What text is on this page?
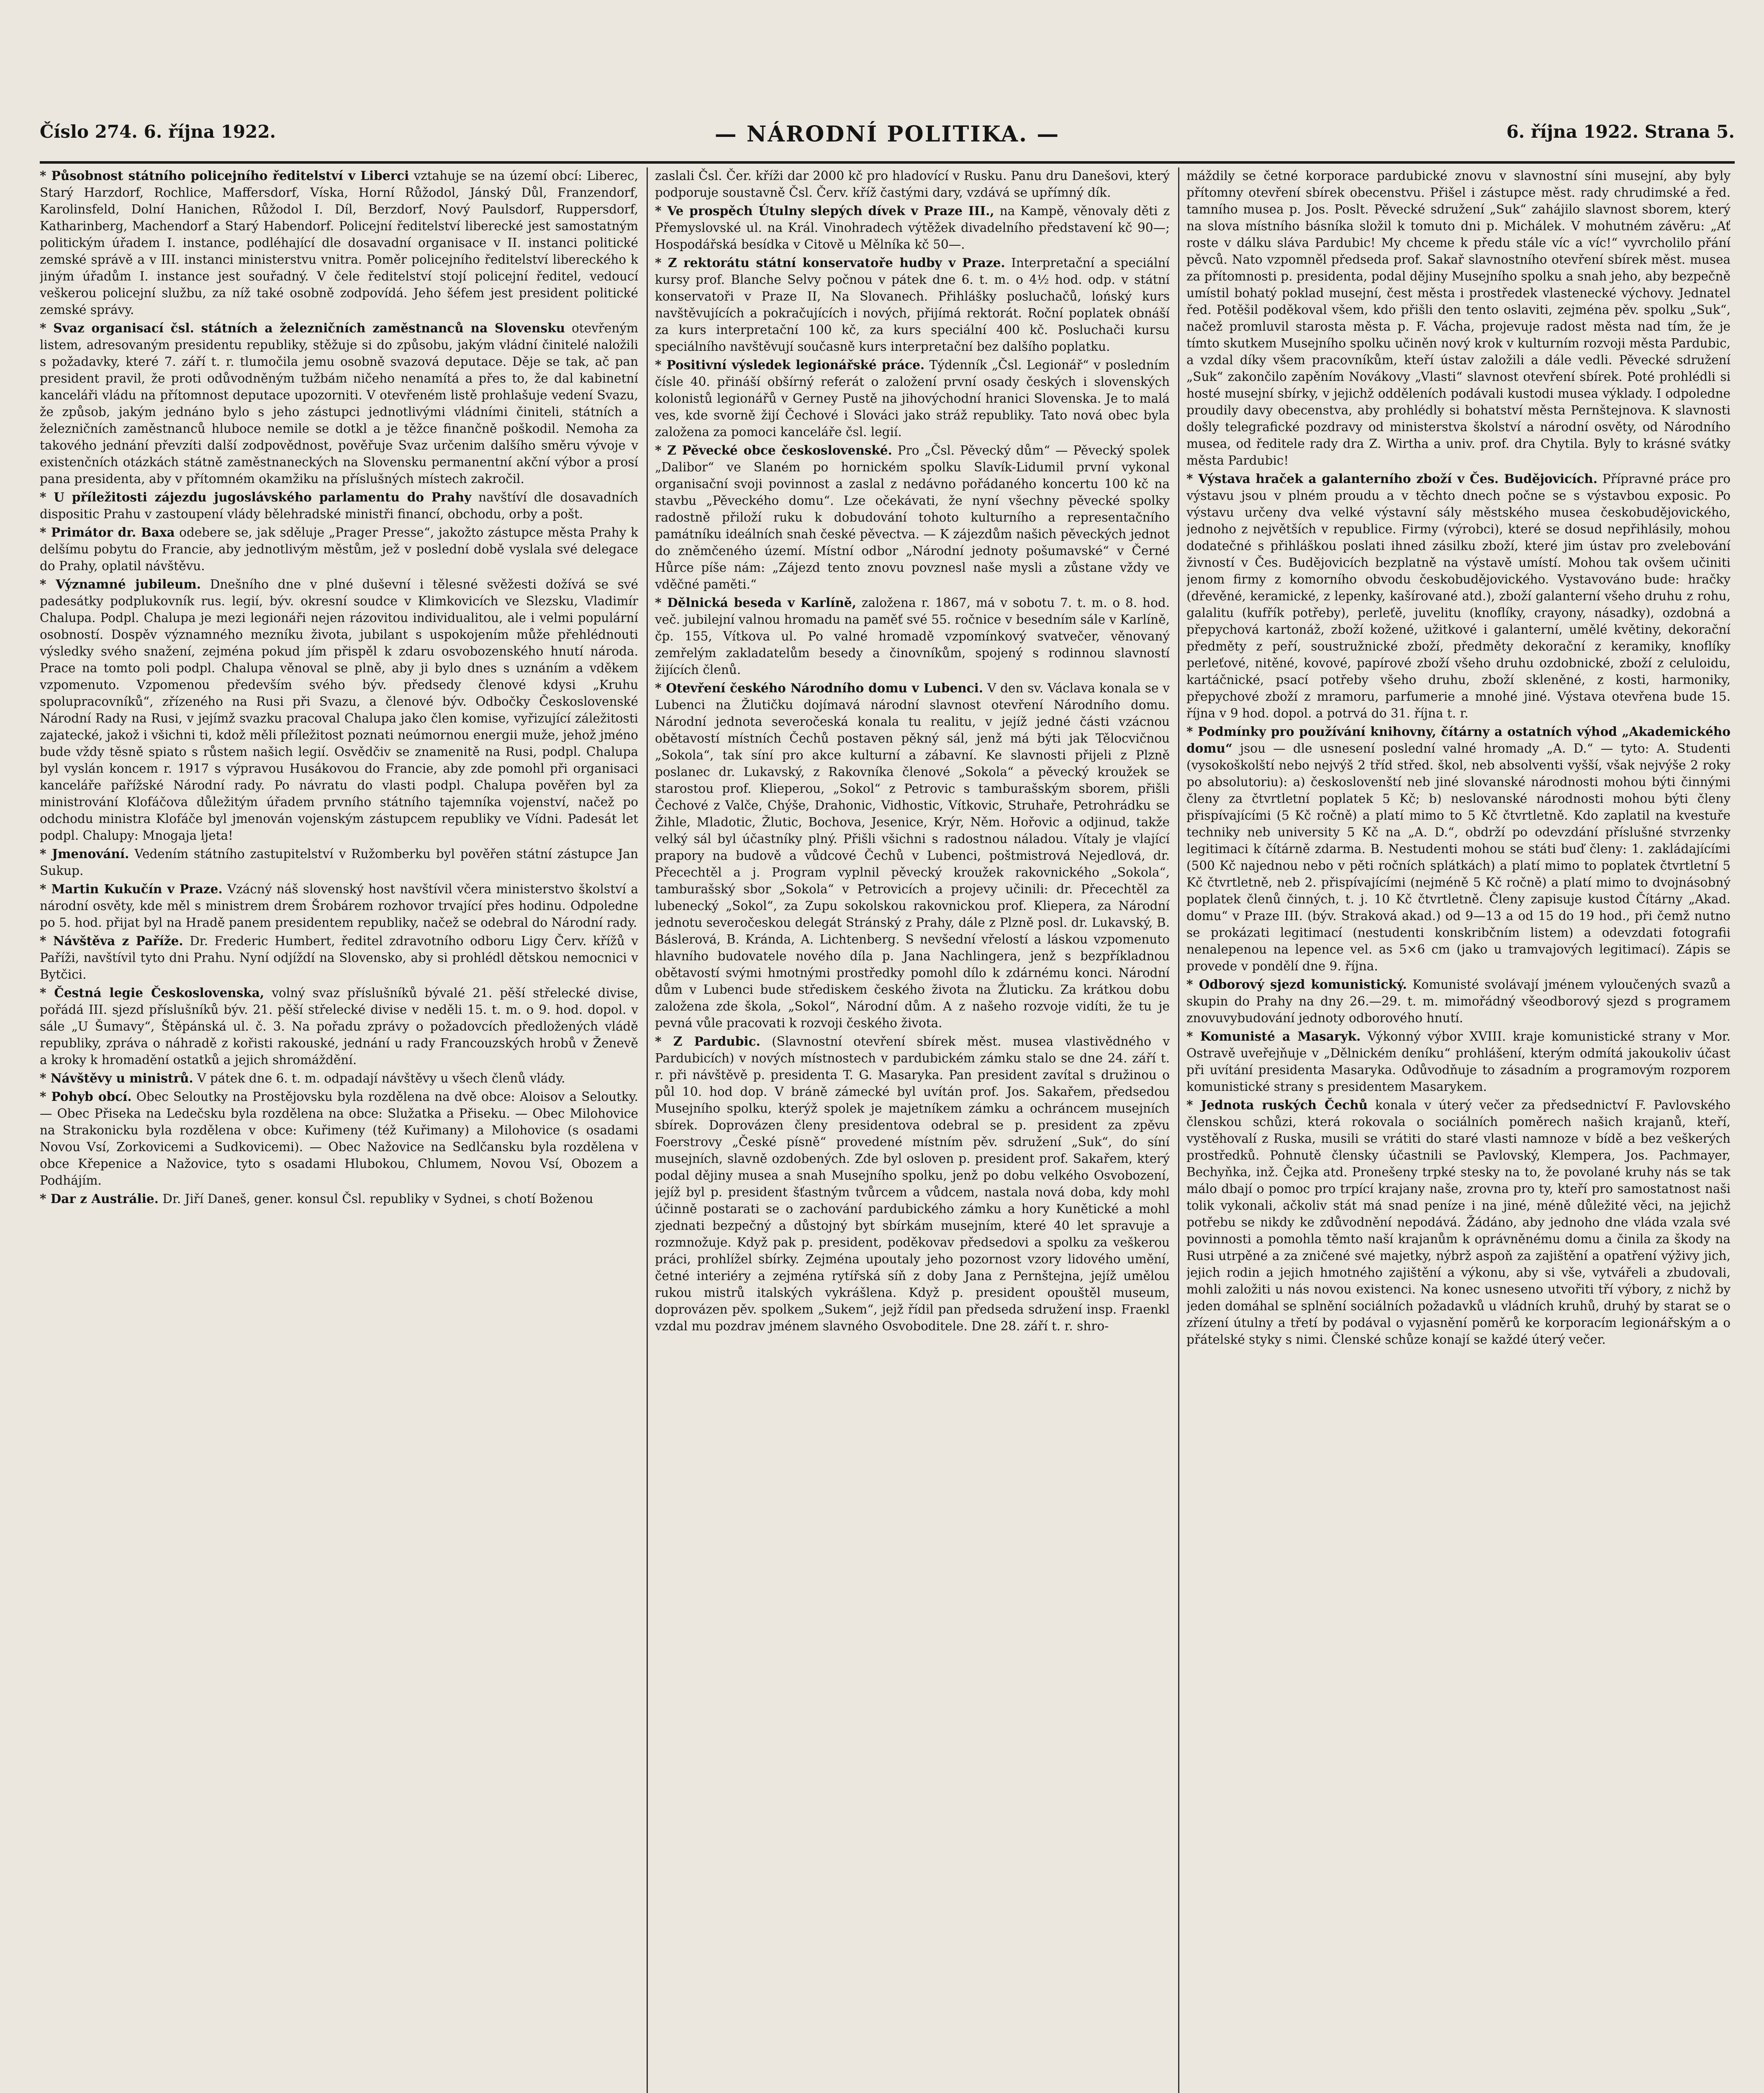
Číslo 274. 6. října 1922.	— NÁRODNÍ POLITIKA. —	6. října 1922. Strana 5.

* Působnost státního policejního ředitelství v Liberci vztahuje se na území obcí: Liberec, Starý Harzdorf, Rochlice, Maffersdorf, Víska, Horní Růžodol, Jánský Důl, Franzendorf, Karolinsfeld, Dolní Hanichen, Růžodol I. Díl, Berzdorf, Nový Paulsdorf, Ruppersdorf, Katharinberg, Machendorf a Starý Habendorf. Policejní ředitelství liberecké jest samostatným politickým úřadem I. instance, podléhající dle dosavadní organisace v II. instanci politické zemské správě a v III. instanci ministerstvu vnitra. Poměr policejního ředitelství libereckého k jiným úřadům I. instance jest souřadný. V čele ředitelství stojí policejní ředitel, vedoucí veškerou policejní službu, za níž také osobně zodpovídá. Jeho šéfem jest president politické zemské správy.

* Svaz organisací čsl. státních a železničních zaměstnanců na Slovensku otevřeným listem, adresovaným presidentu republiky, stěžuje si do způsobu, jakým vládní činitelé naložili s požadavky, které 7. září t. r. tlumočila jemu osobně svazová deputace. Děje se tak, ač pan president pravil, že proti odůvodněným tužbám ničeho nenamítá a přes to, že dal kabinetní kanceláři vládu na přítomnost deputace upozorniti. V otevřeném listě prohlašuje vedení Svazu, že způsob, jakým jednáno bylo s jeho zástupci jednotlivými vládními činiteli, státních a železničních zaměstnanců hluboce nemile se dotkl a je těžce finančně poškodil. Nemoha za takového jednání převzíti další zodpovědnost, pověřuje Svaz určenim dalšího směru vývoje v existenčních otázkách státně zaměstnaneckých na Slovensku permanentní akční výbor a prosí pana presidenta, aby v přítomném okamžiku na příslušných místech zakročil.

* U příležitosti zájezdu jugoslávského parlamentu do Prahy navštíví dle dosavadních dispositic Prahu v zastoupení vlády bělehradské ministři financí, obchodu, orby a pošt.

* Primátor dr. Baxa odebere se, jak sděluje „Prager Presse“, jakožto zástupce města Prahy k delšímu pobytu do Francie, aby jednotlivým městům, jež v poslední době vyslala své delegace do Prahy, oplatil návštěvu.

* Významné jubileum. Dnešního dne v plné duševní i tělesné svěžesti dožívá se své padesátky podplukovník rus. legií, býv. okresní soudce v Klimkovicích ve Slezsku, Vladimír Chalupa. Podpl. Chalupa je mezi legionáři nejen rázovitou individualitou, ale i velmi populární osobností. Dospěv významného mezníku života, jubilant s uspokojením může přehlédnouti výsledky svého snažení, zejména pokud jím přispěl k zdaru osvobozenského hnutí národa. Prace na tomto poli podpl. Chalupa věnoval se plně, aby ji bylo dnes s uznáním a vděkem vzpomenuto. Vzpomenou především svého býv. předsedy členové kdysi „Kruhu spolupracovníků“, zřízeného na Rusi při Svazu, a členové býv. Odbočky Československé Národní Rady na Rusi, v jejímž svazku pracoval Chalupa jako člen komise, vyřizující záležitosti zajatecké, jakož i všichni ti, kdož měli příležitost poznati neúmornou energii muže, jehož jméno bude vždy těsně spiato s růstem našich legií. Osvědčiv se znamenitě na Rusi, podpl. Chalupa byl vyslán koncem r. 1917 s výpravou Husákovou do Francie, aby zde pomohl při organisaci kanceláře pařížské Národní rady. Po návratu do vlasti podpl. Chalupa pověřen byl za ministrování Klofáčova důležitým úřadem prvního státního tajemníka vojenství, načež po odchodu ministra Klofáče byl jmenován vojenským zástupcem republiky ve Vídni. Padesát let podpl. Chalupy: Mnogaja ljeta!

* Jmenování. Vedením státního zastupitelství v Ružomberku byl pověřen státní zástupce Jan Sukup.

* Martin Kukučín v Praze. Vzácný náš slovenský host navštívil včera ministerstvo školství a národní osvěty, kde měl s ministrem drem Šrobárem rozhovor trvající přes hodinu. Odpoledne po 5. hod. přijat byl na Hradě panem presidentem republiky, načež se odebral do Národní rady.

* Návštěva z Paříže. Dr. Frederic Humbert, ředitel zdravotního odboru Ligy Červ. křížů v Paříži, navštívil tyto dni Prahu. Nyní odjíždí na Slovensko, aby si prohlédl dětskou nemocnici v Bytčici.

* Čestná legie Československa, volný svaz příslušníků bývalé 21. pěší střelecké divise, pořádá III. sjezd příslušníků býv. 21. pěší střelecké divise v neděli 15. t. m. o 9. hod. dopol. v sále „U Šumavy“, Štěpánská ul. č. 3. Na pořadu zprávy o požadovcích předložených vládě republiky, zpráva o náhradě z kořisti rakouské, jednání u rady Francouzských hrobů v Ženevě a kroky k hromadění ostatků a jejich shromáždění.

* Návštěvy u ministrů. V pátek dne 6. t. m. odpadají návštěvy u všech členů vlády.

* Pohyb obcí. Obec Seloutky na Prostějovsku byla rozdělena na dvě obce: Aloisov a Seloutky. — Obec Přiseka na Ledečsku byla rozdělena na obce: Služatka a Přiseku. — Obec Milohovice na Strakonicku byla rozdělena v obce: Kuřimeny (též Kuřimany) a Milohovice (s osadami Novou Vsí, Zorkovicemi a Sudkovicemi). — Obec Nažovice na Sedlčansku byla rozdělena v obce Křepenice a Nažovice, tyto s osadami Hlubokou, Chlumem, Novou Vsí, Obozem a Podhájím.

* Dar z Austrálie. Dr. Jiří Daneš, gener. konsul Čsl. republiky v Sydnei, s chotí Boženou

zaslali Čsl. Čer. kříži dar 2000 kč pro hladovící v Rusku. Panu dru Danešovi, který podporuje soustavně Čsl. Červ. kříž častými dary, vzdává se upřímný dík.

* Ve prospěch Útulny slepých dívek v Praze III., na Kampě, věnovaly děti z Přemyslovské ul. na Král. Vinohradech výtěžek divadelního představení kč 90—; Hospodářská besídka v Citově u Mělníka kč 50—.

* Z rektorátu státní konservatoře hudby v Praze. Interpretační a speciální kursy prof. Blanche Selvy počnou v pátek dne 6. t. m. o 4½ hod. odp. v státní konservatoři v Praze II, Na Slovanech. Přihlášky posluchačů, lońský kurs navštěvujících a pokračujících i nových, přijímá rektorát. Roční poplatek obnáší za kurs interpretační 100 kč, za kurs speciální 400 kč. Posluchači kursu speciálního navštěvují současně kurs interpretační bez dalšího poplatku.

* Positivní výsledek legionářské práce. Týdenník „Čsl. Legionář“ v posledním čísle 40. přináší obšírný referát o založení první osady českých i slovenských kolonistů legionářů v Gerney Pustě na jihovýchodní hranici Slovenska. Je to malá ves, kde svorně žijí Čechové i Slováci jako stráž republiky. Tato nová obec byla založena za pomoci kanceláře čsl. legií.

* Z Pěvecké obce československé. Pro „Čsl. Pěvecký dům“ — Pěvecký spolek „Dalibor“ ve Slaném po hornickém spolku Slavík-Lidumil první vykonal organisační svoji povinnost a zaslal z nedávno pořádaného koncertu 100 kč na stavbu „Pěveckého domu“. Lze očekávati, že nyní všechny pěvecké spolky radostně přiloží ruku k dobudování tohoto kulturního a representačního památníku ideálních snah české pěvectva. — K zájezdům našich pěveckých jednot do zněmčeného území. Místní odbor „Národní jednoty pošumavské“ v Černé Hůrce píše nám: „Zájezd tento znovu povznesl naše mysli a zůstane vždy ve vděčné paměti.“

* Dělnická beseda v Karlíně, založena r. 1867, má v sobotu 7. t. m. o 8. hod. več. jubilejní valnou hromadu na paměť své 55. ročnice v besedním sále v Karlíně, čp. 155, Vítkova ul. Po valné hromadě vzpomínkový svatvečer, věnovaný zemřelým zakladatelům besedy a činovníkům, spojený s rodinnou slavností žijících členů.

* Otevření českého Národního domu v Lubenci. V den sv. Václava konala se v Lubenci na Žlutičku dojímavá národní slavnost otevření Národního domu. Národní jednota severočeská konala tu realitu, v jejíž jedné části vzácnou obětavostí místních Čechů postaven pěkný sál, jenž má býti jak Tělocvičnou „Sokola“, tak síní pro akce kulturní a zábavní. Ke slavnosti přijeli z Plzně poslanec dr. Lukavský, z Rakovníka členové „Sokola“ a pěvecký kroužek se starostou prof. Klieperou, „Sokol“ z Petrovic s tamburašským sborem, přišli Čechové z Valče, Chýše, Drahonic, Vidhostic, Vítkovic, Struhaře, Petrohrádku se Žihle, Mladotic, Žlutic, Bochova, Jesenice, Krýr, Něm. Hořovic a odjinud, takže velký sál byl účastníky plný. Přišli všichni s radostnou náladou. Vítaly je vlající prapory na budově a vůdcové Čechů v Lubenci, poštmistrová Nejedlová, dr. Přecechtěl a j. Program vyplnil pěvecký kroužek rakovnického „Sokola“, tamburašský sbor „Sokola“ v Petrovicích a projevy učinili: dr. Přecechtěl za lubenecký „Sokol“, za Zupu sokolskou rakovnickou prof. Kliepera, za Národní jednotu severočeskou delegát Stránský z Prahy, dále z Plzně posl. dr. Lukavský, B. Báslerová, B. Kránda, A. Lichtenberg. S nevšední vřelostí a láskou vzpomenuto hlavního budovatele nového díla p. Jana Nachlingera, jenž s bezpříkladnou obětavostí svými hmotnými prostředky pomohl dílo k zdárnému konci. Národní dům v Lubenci bude střediskem českého života na Žluticku. Za krátkou dobu založena zde škola, „Sokol“, Národní dům. A z našeho rozvoje vidíti, že tu je pevná vůle pracovati k rozvoji českého života.

* Z Pardubic. (Slavnostní otevření sbírek měst. musea vlastivědného v Pardubicích) v nových místnostech v pardubickém zámku stalo se dne 24. září t. r. při návštěvě p. presidenta T. G. Masaryka. Pan president zavítal s družinou o půl 10. hod dop. V bráně zámecké byl uvítán prof. Jos. Sakařem, předsedou Musejního spolku, kterýž spolek je majetníkem zámku a ochráncem musejních sbírek. Doprovázen členy presidentova odebral se p. president za zpěvu Foerstrovy „České písně“ provedené místním pěv. sdružení „Suk“, do síní musejních, slavně ozdobených. Zde byl osloven p. president prof. Sakařem, který podal dějiny musea a snah Musejního spolku, jenž po dobu velkého Osvobození, jejíž byl p. president šťastným tvůrcem a vůdcem, nastala nová doba, kdy mohl účinně postarati se o zachování pardubického zámku a hory Kunětické a mohl zjednati bezpečný a důstojný byt sbírkám musejním, které 40 let spravuje a rozmnožuje. Když pak p. president, poděkovav předsedovi a spolku za veškerou práci, prohlížel sbírky. Zejména upoutaly jeho pozornost vzory lidového umění, četné interiéry a zejména rytířská síň z doby Jana z Pernštejna, jejíž umělou rukou mistrů italských vykrášlena. Když p. president opouštěl museum, doprovázen pěv. spolkem „Sukem“, jejž řídil pan předseda sdružení insp. Fraenkl vzdal mu pozdrav jménem slavného Osvoboditele. Dne 28. září t. r. shro-

máždily se četné korporace pardubické znovu v slavnostní síni musejní, aby byly přítomny otevření sbírek obecenstvu. Přišel i zástupce měst. rady chrudimské a řed. tamního musea p. Jos. Poslt. Pěvecké sdružení „Suk“ zahájilo slavnost sborem, který na slova místního básníka složil k tomuto dni p. Michálek. V mohutném závěru: „Ať roste v dálku sláva Pardubic! My chceme k předu stále víc a víc!“ vyvrcholilo přání pěvců. Nato vzpomněl předseda prof. Sakař slavnostního otevření sbírek měst. musea za přítomnosti p. presidenta, podal dějiny Musejního spolku a snah jeho, aby bezpečně umístil bohatý poklad musejní, čest města i prostředek vlastenecké výchovy. Jednatel řed. Potěšil poděkoval všem, kdo přišli den tento oslaviti, zejména pěv. spolku „Suk“, načež promluvil starosta města p. F. Vácha, projevuje radost města nad tím, že je tímto skutkem Musejního spolku učiněn nový krok v kulturním rozvoji města Pardubic, a vzdal díky všem pracovníkům, kteří ústav založili a dále vedli. Pěvecké sdružení „Suk“ zakončilo zapěním Novákovy „Vlasti“ slavnost otevření sbírek. Poté prohlédli si hosté musejní sbírky, v jejichž odděleních podávali kustodi musea výklady. I odpoledne proudily davy obecenstva, aby prohlédly si bohatství města Pernštejnova. K slavnosti došly telegrafické pozdravy od ministerstva školství a národní osvěty, od Národního musea, od ředitele rady dra Z. Wirtha a univ. prof. dra Chytila. Byly to krásné svátky města Pardubic!

* Výstava hraček a galanterního zboží v Čes. Budějovicích. Přípravné práce pro výstavu jsou v plném proudu a v těchto dnech počne se s výstavbou exposic. Po výstavu určeny dva velké výstavní sály městského musea českobudějovického, jednoho z největších v republice. Firmy (výrobci), které se dosud nepřihlásily, mohou dodatečné s přihláškou poslati ihned zásilku zboží, které jim ústav pro zvelebování živností v Čes. Budějovicích bezplatně na výstavě umístí. Mohou tak ovšem učiniti jenom firmy z komorního obvodu českobudějovického. Vystavováno bude: hračky (dřevěné, keramické, z lepenky, kašírované atd.), zboží galanterní všeho druhu z rohu, galalitu (kufřík potřeby), perleťě, juvelitu (knoflíky, crayony, násadky), ozdobná a přepychová kartonáž, zboží kožené, užitkové i galanterní, umělé květiny, dekorační předměty z peří, soustružnické zboží, předměty dekorační z keramiky, knoflíky perleťové, nitěné, kovové, papírové zboží všeho druhu ozdobnické, zboží z celuloidu, kartáčnické, psací potřeby všeho druhu, zboží skleněné, z kosti, harmoniky, přepychové zboží z mramoru, parfumerie a mnohé jiné. Výstava otevřena bude 15. října v 9 hod. dopol. a potrvá do 31. října t. r.

* Podmínky pro používání knihovny, čítárny a ostatních výhod „Akademického domu“ jsou — dle usnesení poslední valné hromady „A. D.“ — tyto: A. Studenti (vysokoškolští nebo nejvýš 2 tříd střed. škol, neb absolventi vyšší, však nejvýše 2 roky po absolutoriu): a) českoslovenští neb jiné slovanské národnosti mohou býti činnými členy za čtvrtletní poplatek 5 Kč; b) neslovanské národnosti mohou býti členy přispívajícími (5 Kč ročně) a platí mimo to 5 Kč čtvrtletně. Kdo zaplatil na kvestuře techniky neb university 5 Kč na „A. D.“, obdrží po odevzdání příslušné stvrzenky legitimaci k čítárně zdarma. B. Nestudenti mohou se státi buď členy: 1. zakládajícími (500 Kč najednou nebo v pěti ročních splátkách) a platí mimo to poplatek čtvrtletní 5 Kč čtvrtletně, neb 2. přispívajícími (nejméně 5 Kč ročně) a platí mimo to dvojnásobný poplatek členů činných, t. j. 10 Kč čtvrtletně. Členy zapisuje kustod Čítárny „Akad. domu“ v Praze III. (býv. Straková akad.) od 9—13 a od 15 do 19 hod., při čemž nutno se prokázati legitimací (nestudenti konskribčním listem) a odevzdati fotografii nenalepenou na lepence vel. as 5×6 cm (jako u tramvajových legitimací). Zápis se provede v pondělí dne 9. října.

* Odborový sjezd komunistický. Komunisté svolávají jménem vyloučených svazů a skupin do Prahy na dny 26.—29. t. m. mimořádný všeodborový sjezd s programem znovuvybudování jednoty odborového hnutí.

* Komunisté a Masaryk. Výkonný výbor XVIII. kraje komunistické strany v Mor. Ostravě uveřejňuje v „Dělnickém deníku“ prohlášení, kterým odmítá jakoukoliv účast při uvítání presidenta Masaryka. Odůvodňuje to zásadním a programovým rozporem komunistické strany s presidentem Masarykem.

* Jednota ruských Čechů konala v úterý večer za předsednictví F. Pavlovského členskou schůzi, která rokovala o sociálních poměrech našich krajanů, kteří, vystěhovalí z Ruska, musili se vrátiti do staré vlasti namnoze v bídě a bez veškerých prostředků. Pohnutě člensky účastnili se Pavlovský, Klempera, Jos. Pachmayer, Bechyňka, inž. Čejka atd. Pronešeny trpké stesky na to, že povolané kruhy nás se tak málo dbají o pomoc pro trpící krajany naše, zrovna pro ty, kteří pro samostatnost naši tolik vykonali, ačkoliv stát má snad peníze i na jiné, méně důležité věci, na jejichž potřebu se nikdy ke zdůvodnění nepodává. Žádáno, aby jednoho dne vláda vzala své povinnosti a pomohla těmto naší krajanům k oprávněnému domu a činila za škody na Rusi utrpěné a za zničené své majetky, nýbrž aspoň za zajištění a opatření výživy jich, jejich rodin a jejich hmotného zajištění a výkonu, aby si vše, vytvářeli a zbudovali, mohli založiti u nás novou existenci. Na konec usneseno utvořiti tří výbory, z nichž by jeden domáhal se splnění sociálních požadavků u vládních kruhů, druhý by starat se o zřízení útulny a třetí by podával o vyjasnění poměrů ke korporacím legionářským a o přátelské styky s nimi. Členské schůze konají se každé úterý večer.
